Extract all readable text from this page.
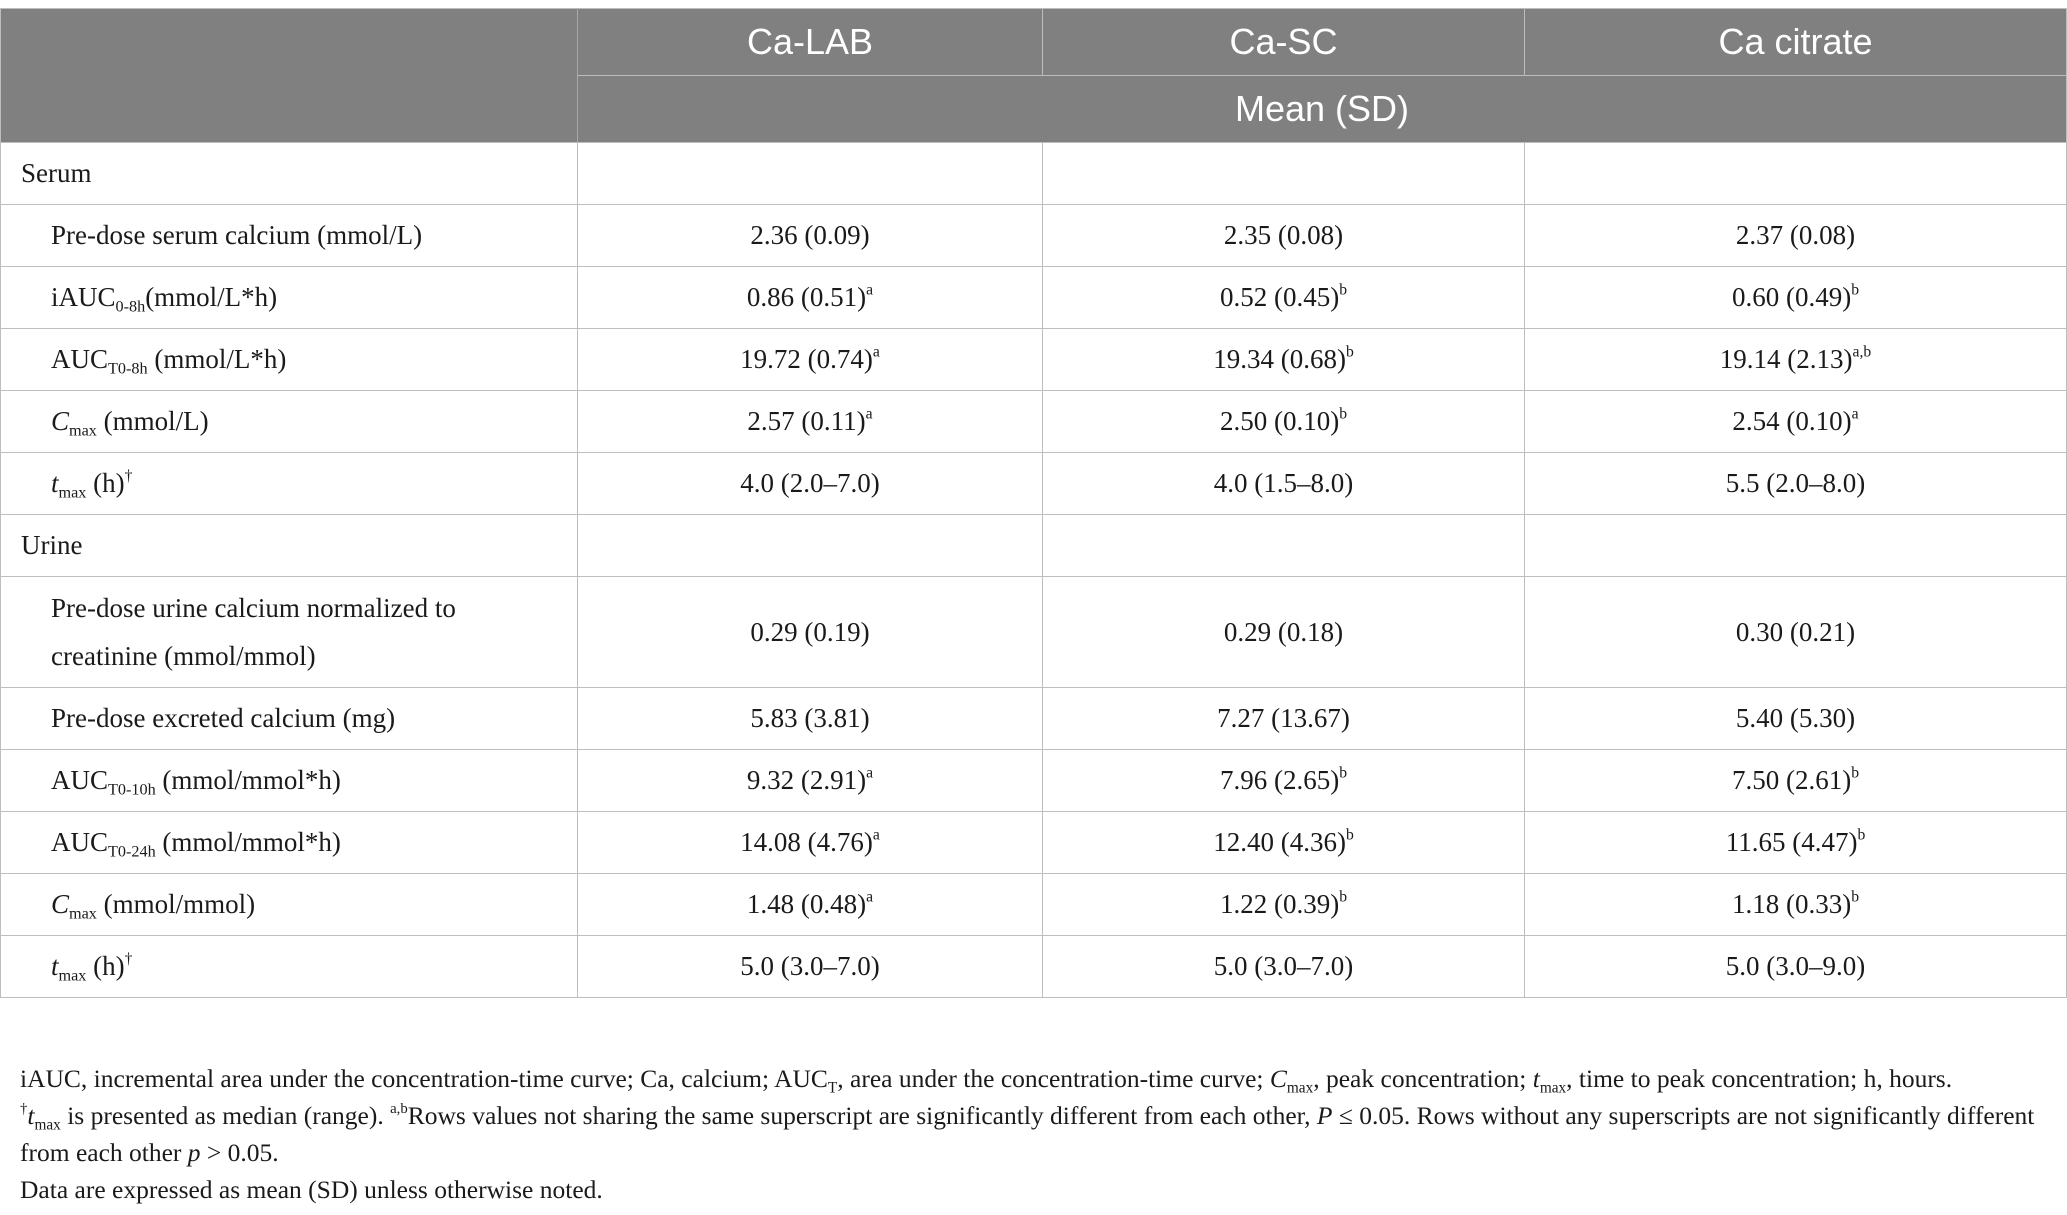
	Ca-LAB	Ca-SC	Ca citrate
	Mean (SD)		
Serum			
Pre-dose serum calcium (mmol/L)	2.36 (0.09)	2.35 (0.08)	2.37 (0.08)
iAUC$_{0-8h}$(mmol/L*h)	0.86 $(0.51)^a$	0.52 $(0.45)^b$	0.60 $(0.49)^b$
$AUC_{T0-8h}$ (mmol/L*h)	19.72 $(0.74)^a$	19.34 $(0.68)^b$	19.14 $(2.13)^{a,b}$
$C_{max}$ (mmol/L)	2.57 $(0.11)^a$	2.50 $(0.10)^b$	2.54 $(0.10)^a$
$t_{max}$ (h)†	4.0 (2.0–7.0)	4.0 (1.5–8.0)	5.5 (2.0–8.0)
Urine			
Pre-dose urine calcium normalized to
creatinine (mmol/mmol)	0.29 (0.19)	0.29 (0.18)	0.30 (0.21)
Pre-dose excreted calcium (mg)	5.83 (3.81)	7.27 (13.67)	5.40 (5.30)
$AUC_{T0-10h}$ (mmol/mmol*h)	9.32 $(2.91)^a$	7.96 $(2.65)^b$	7.50 $(2.61)^b$
$AUC_{T0-24h}$ (mmol/mmol*h)	14.08 $(4.76)^a$	12.40 $(4.36)^b$	11.65 $(4.47)^b$
$C_{max}$ (mmol/mmol)	1.48 $(0.48)^a$	1.22 $(0.39)^b$	1.18 $(0.33)^b$
$t_{max}$ (h)†	5.0 (3.0–7.0)	5.0 (3.0–7.0)	5.0 (3.0–9.0)

iAUC, incremental area under the concentration-time curve; Ca, calcium; $AUC_T$, area under the concentration-time curve; $C_{max}$, peak concentration; $t_{max}$, time to peak concentration; h, hours.

$^\dagger t_{max}$ is presented as median (range). $^{a,b}$Rows values not sharing the same superscript are significantly different from each other, P ≤ 0.05. Rows without any superscripts are not significantly different from each other p > 0.05.

Data are expressed as mean (SD) unless otherwise noted.
